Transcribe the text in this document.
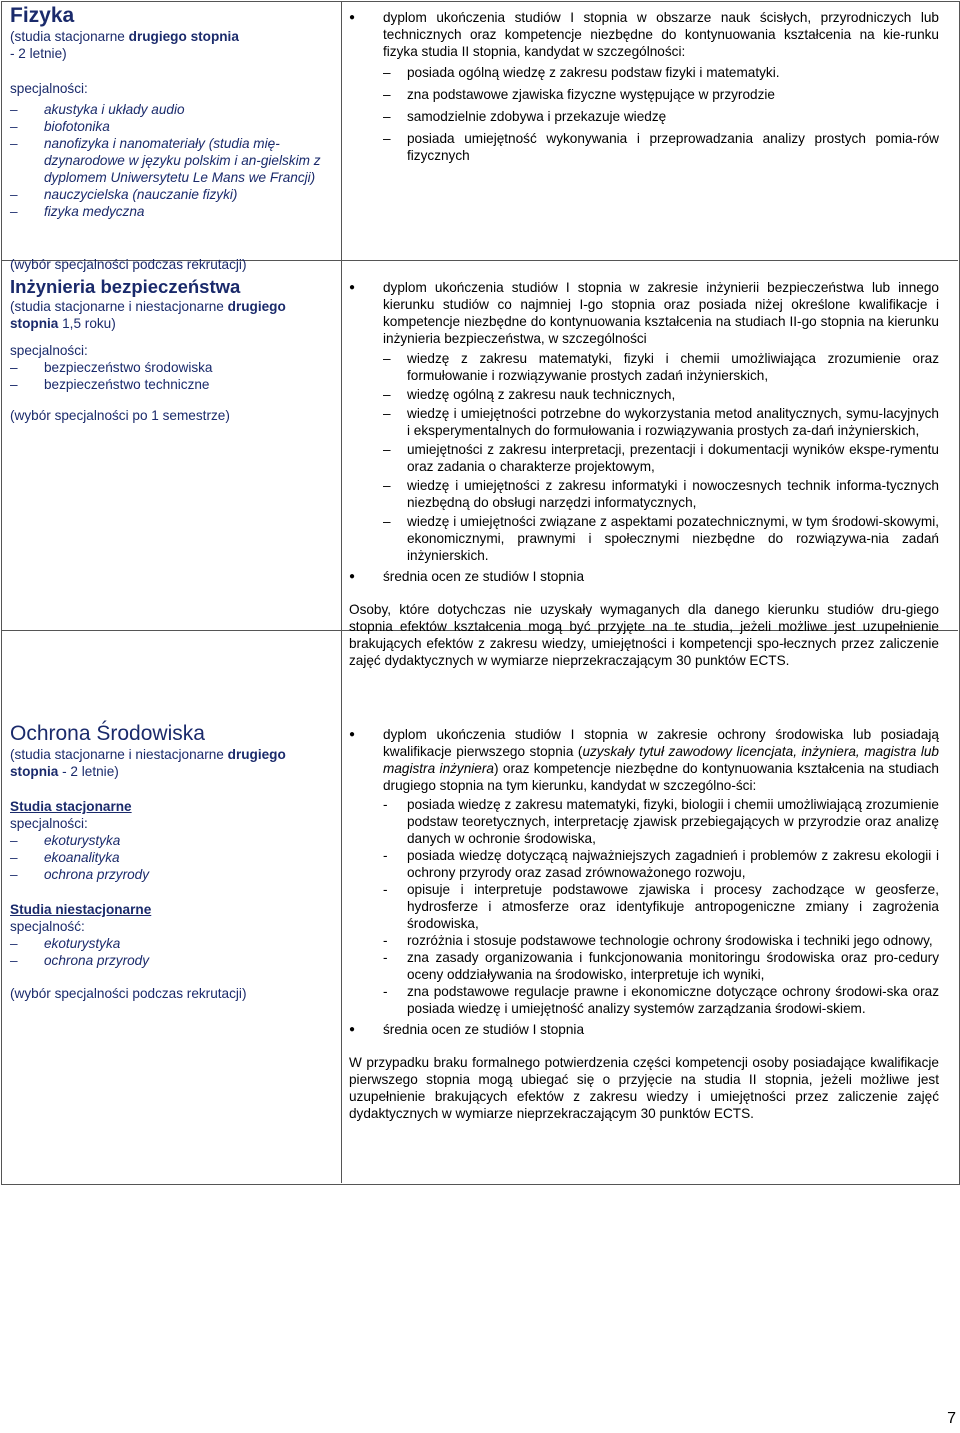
Fizyka
(studia stacjonarne drugiego stopnia
- 2 letnie)
specjalności:
– akustyka i układy audio
– biofotonika
– nanofizyka i nanomateriały (studia mię-dzynarodowe w języku polskim i an-gielskim z dyplomem Uniwersytetu Le Mans we Francji)
– nauczycielska (nauczanie fizyki)
– fizyka medyczna
(wybór specjalności podczas rekrutacji)
● dyplom ukończenia studiów I stopnia w obszarze nauk ścisłych, przyrodniczych lub technicznych oraz kompetencje niezbędne do kontynuowania kształcenia na kie-runku fizyka studia II stopnia, kandydat w szczególności:
– posiada ogólną wiedzę z zakresu podstaw fizyki i matematyki.
– zna podstawowe zjawiska fizyczne występujące w przyrodzie
– samodzielnie zdobywa i przekazuje wiedzę
– posiada umiejętność wykonywania i przeprowadzania analizy prostych pomia-rów fizycznych
Inżynieria bezpieczeństwa
(studia stacjonarne i niestacjonarne drugiego stopnia 1,5 roku)
specjalności:
– bezpieczeństwo środowiska
– bezpieczeństwo techniczne
(wybór specjalności po 1 semestrze)
● dyplom ukończenia studiów I stopnia w zakresie inżynierii bezpieczeństwa lub innego kierunku studiów co najmniej I-go stopnia oraz posiada niżej określone kwalifikacje i kompetencje niezbędne do kontynuowania kształcenia na studiach II-go stopnia na kierunku inżynieria bezpieczeństwa, w szczególności
– wiedzę z zakresu matematyki, fizyki i chemii umożliwiająca zrozumienie oraz formułowanie i rozwiązywanie prostych zadań inżynierskich,
– wiedzę ogólną z zakresu nauk technicznych,
– wiedzę i umiejętności potrzebne do wykorzystania metod analitycznych, symu-lacyjnych i eksperymentalnych do formułowania i rozwiązywania prostych za-dań inżynierskich,
– umiejętności z zakresu interpretacji, prezentacji i dokumentacji wyników ekspe-rymentu oraz zadania o charakterze projektowym,
– wiedzę i umiejętności z zakresu informatyki i nowoczesnych technik informa-tycznych niezbędną do obsługi narzędzi informatycznych,
– wiedzę i umiejętności związane z aspektami pozatechnicznymi, w tym środowi-skowymi, ekonomicznymi, prawnymi i społecznymi niezbędne do rozwiązywa-nia zadań inżynierskich.
● średnia ocen ze studiów I stopnia
Osoby, które dotychczas nie uzyskały wymaganych dla danego kierunku studiów dru-giego stopnia efektów kształcenia mogą być przyjęte na te studia, jeżeli możliwe jest uzupełnienie brakujących efektów z zakresu wiedzy, umiejętności i kompetencji spo-łecznych przez zaliczenie zajęć dydaktycznych w wymiarze nieprzekraczającym 30 punktów ECTS.
Ochrona Środowiska
(studia stacjonarne i niestacjonarne drugiego stopnia - 2 letnie)
Studia stacjonarne
specjalności:
– ekoturystyka
– ekoanalityka
– ochrona przyrody
Studia niestacjonarne
specjalność:
– ekoturystyka
– ochrona przyrody
(wybór specjalności podczas rekrutacji)
● dyplom ukończenia studiów I stopnia w zakresie ochrony środowiska lub posiadają kwalifikacje pierwszego stopnia (uzyskały tytuł zawodowy licencjata, inżyniera, magistra lub magistra inżyniera) oraz kompetencje niezbędne do kontynuowania kształcenia na studiach drugiego stopnia na tym kierunku, kandydat w szczególno-ści:
- posiada wiedzę z zakresu matematyki, fizyki, biologii i chemii umożliwiającą zrozumienie podstaw teoretycznych, interpretację zjawisk przebiegających w przyrodzie oraz analizę danych w ochronie środowiska,
- posiada wiedzę dotyczącą najważniejszych zagadnień i problemów z zakresu ekologii i ochrony przyrody oraz zasad zrównoważonego rozwoju,
- opisuje i interpretuje podstawowe zjawiska i procesy zachodzące w geosferze, hydrosferze i atmosferze oraz identyfikuje antropogeniczne zmiany i zagrożenia środowiska,
- rozróżnia i stosuje podstawowe technologie ochrony środowiska i techniki jego odnowy,
- zna zasady organizowania i funkcjonowania monitoringu środowiska oraz pro-cedury oceny oddziaływania na środowisko, interpretuje ich wyniki,
- zna podstawowe regulacje prawne i ekonomiczne dotyczące ochrony środowi-ska oraz posiada wiedzę i umiejętność analizy systemów zarządzania środowi-skiem.
● średnia ocen ze studiów I stopnia
W przypadku braku formalnego potwierdzenia części kompetencji osoby posiadające kwalifikacje pierwszego stopnia mogą ubiegać się o przyjęcie na studia II stopnia, jeżeli możliwe jest uzupełnienie brakujących efektów z zakresu wiedzy i umiejętności przez zaliczenie zajęć dydaktycznych w wymiarze nieprzekraczającym 30 punktów ECTS.
7
